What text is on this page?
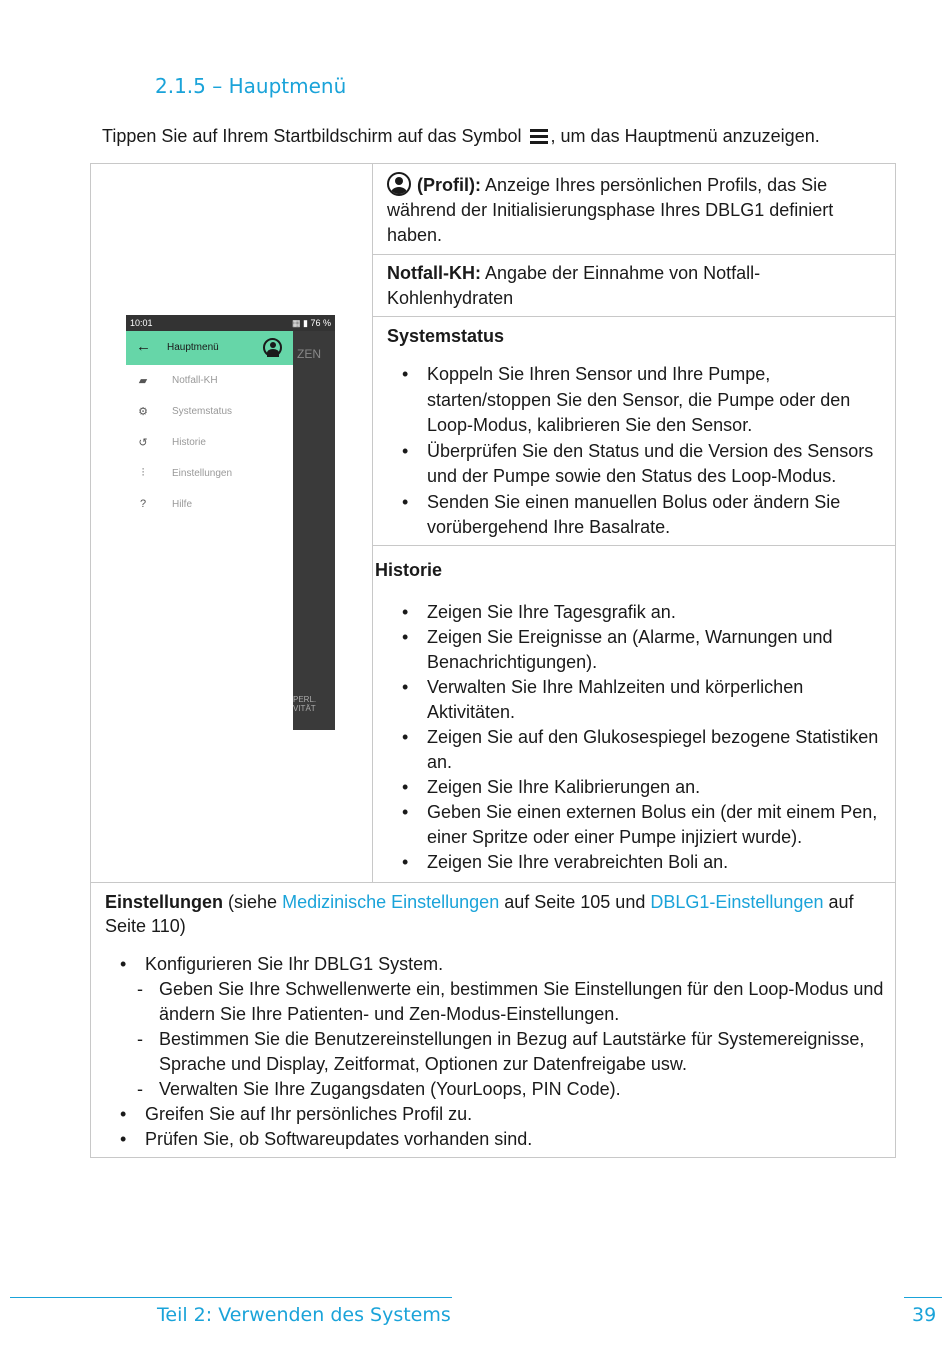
2.1.5 – Hauptmenü
Tippen Sie auf Ihrem Startbildschirm auf das Symbol , um das Hauptmenü anzuzeigen.
10:01	▦ ▮ 76 %
ZEN
PERL.
VITÄT
← Hauptmenü
▰ Notfall-KH
⚙ Systemstatus
↺ Historie
⫶	Einstellungen
?	Hilfe
(Profil): Anzeige Ihres persönlichen Profils, das Sie während der Initialisierungsphase Ihres DBLG1 definiert haben.
Notfall-KH: Angabe der Einnahme von Notfall-Kohlenhydraten
Systemstatus
• Koppeln Sie Ihren Sensor und Ihre Pumpe, starten/stoppen Sie den Sensor, die Pumpe oder den Loop-Modus, kalibrieren Sie den Sensor.
• Überprüfen Sie den Status und die Version des Sensors und der Pumpe sowie den Status des Loop-Modus.
• Senden Sie einen manuellen Bolus oder ändern Sie vorübergehend Ihre Basalrate.
Historie
• Zeigen Sie Ihre Tagesgrafik an.
• Zeigen Sie Ereignisse an (Alarme, Warnungen und Benachrichtigungen).
• Verwalten Sie Ihre Mahlzeiten und körperlichen Aktivitäten.
• Zeigen Sie auf den Glukosespiegel bezogene Statistiken an.
• Zeigen Sie Ihre Kalibrierungen an.
• Geben Sie einen externen Bolus ein (der mit einem Pen, einer Spritze oder einer Pumpe injiziert wurde).
• Zeigen Sie Ihre verabreichten Boli an.
Einstellungen (siehe Medizinische Einstellungen auf Seite 105 und DBLG1-Einstellungen auf Seite 110)
• Konfigurieren Sie Ihr DBLG1 System.
- Geben Sie Ihre Schwellenwerte ein, bestimmen Sie Einstellungen für den Loop-Modus und ändern Sie Ihre Patienten- und Zen-Modus-Einstellungen.
- Bestimmen Sie die Benutzereinstellungen in Bezug auf Lautstärke für Systemereignisse, Sprache und Display, Zeitformat, Optionen zur Datenfreigabe usw.
- Verwalten Sie Ihre Zugangsdaten (YourLoops, PIN Code).
• Greifen Sie auf Ihr persönliches Profil zu.
• Prüfen Sie, ob Softwareupdates vorhanden sind.
Teil 2: Verwenden des Systems	39
